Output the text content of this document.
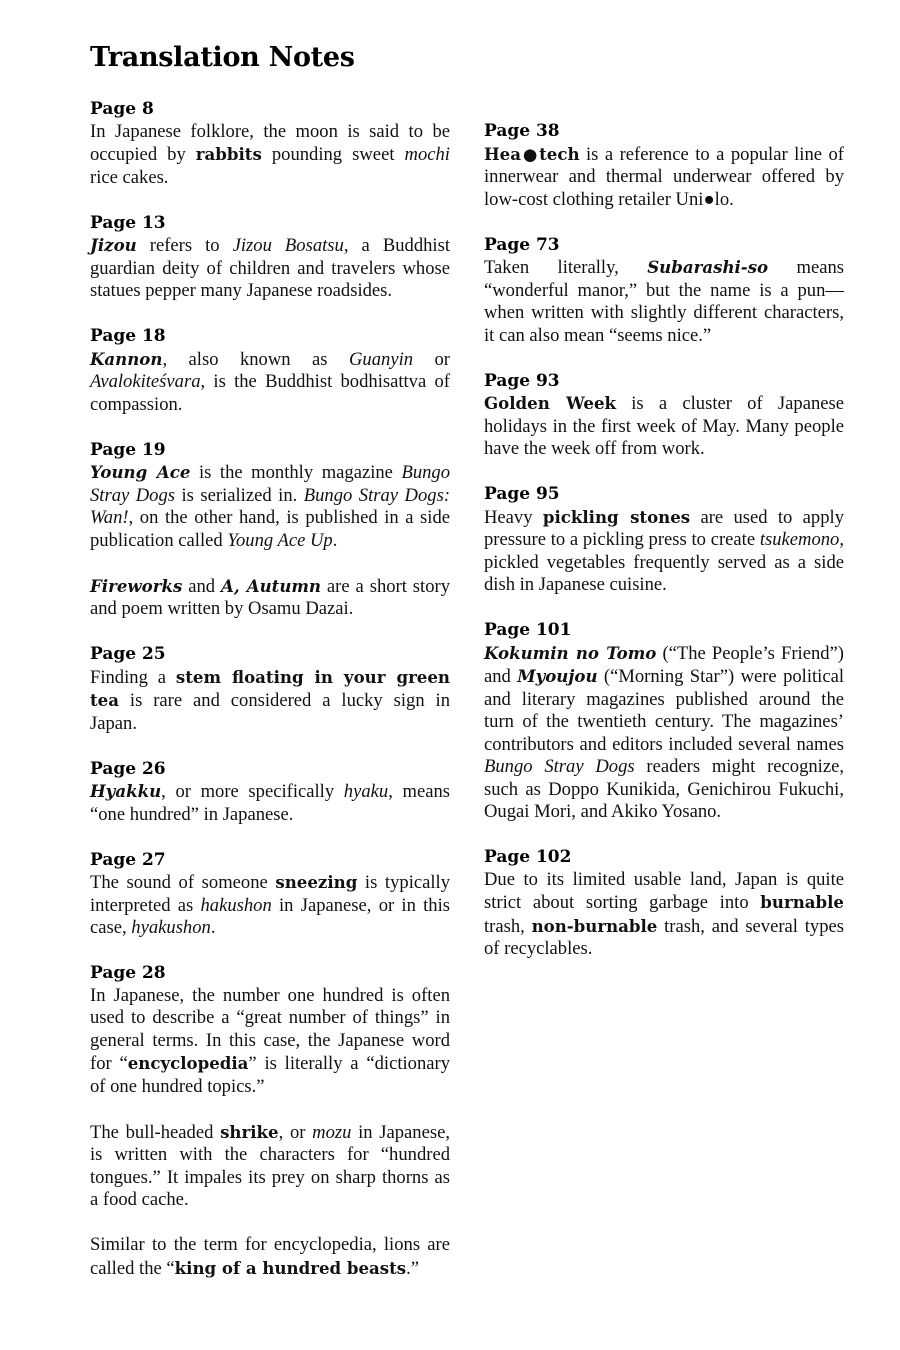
Translation Notes
Page 8

In Japanese folklore, the moon is said to be occupied by rabbits pounding sweet mochi rice cakes.

Page 13

Jizou refers to Jizou Bosatsu, a Buddhist guardian deity of children and travelers whose statues pepper many Japanese roadsides.

Page 18

Kannon, also known as Guanyin or Avalokiteśvara, is the Buddhist bodhisattva of compassion.

Page 19

Young Ace is the monthly magazine Bungo Stray Dogs is serialized in. Bungo Stray Dogs: Wan!, on the other hand, is published in a side publication called Young Ace Up.

Fireworks and A, Autumn are a short story and poem written by Osamu Dazai.

Page 25

Finding a stem floating in your green tea is rare and considered a lucky sign in Japan.

Page 26

Hyakku, or more specifically hyaku, means “one hundred” in Japanese.

Page 27

The sound of someone sneezing is typically interpreted as hakushon in Japanese, or in this case, hyakushon.

Page 28

In Japanese, the number one hundred is often used to describe a “great number of things” in general terms. In this case, the Japanese word for “encyclopedia” is literally a “dictionary of one hundred topics.”

The bull-headed shrike, or mozu in Japanese, is written with the characters for “hundred tongues.” It impales its prey on sharp thorns as a food cache.

Similar to the term for encyclopedia, lions are called the “king of a hundred beasts.”

Page 38

Hea●tech is a reference to a popular line of innerwear and thermal underwear offered by low-cost clothing retailer Uni●lo.

Page 73

Taken literally, Subarashi-so means “wonderful manor,” but the name is a pun—when written with slightly different characters, it can also mean “seems nice.”

Page 93

Golden Week is a cluster of Japanese holidays in the first week of May. Many people have the week off from work.

Page 95

Heavy pickling stones are used to apply pressure to a pickling press to create tsukemono, pickled vegetables frequently served as a side dish in Japanese cuisine.

Page 101

Kokumin no Tomo (“The People’s Friend”) and Myoujou (“Morning Star”) were political and literary magazines published around the turn of the twentieth century. The magazines’ contributors and editors included several names Bungo Stray Dogs readers might recognize, such as Doppo Kunikida, Genichirou Fukuchi, Ougai Mori, and Akiko Yosano.

Page 102

Due to its limited usable land, Japan is quite strict about sorting garbage into burnable trash, non-burnable trash, and several types of recyclables.
